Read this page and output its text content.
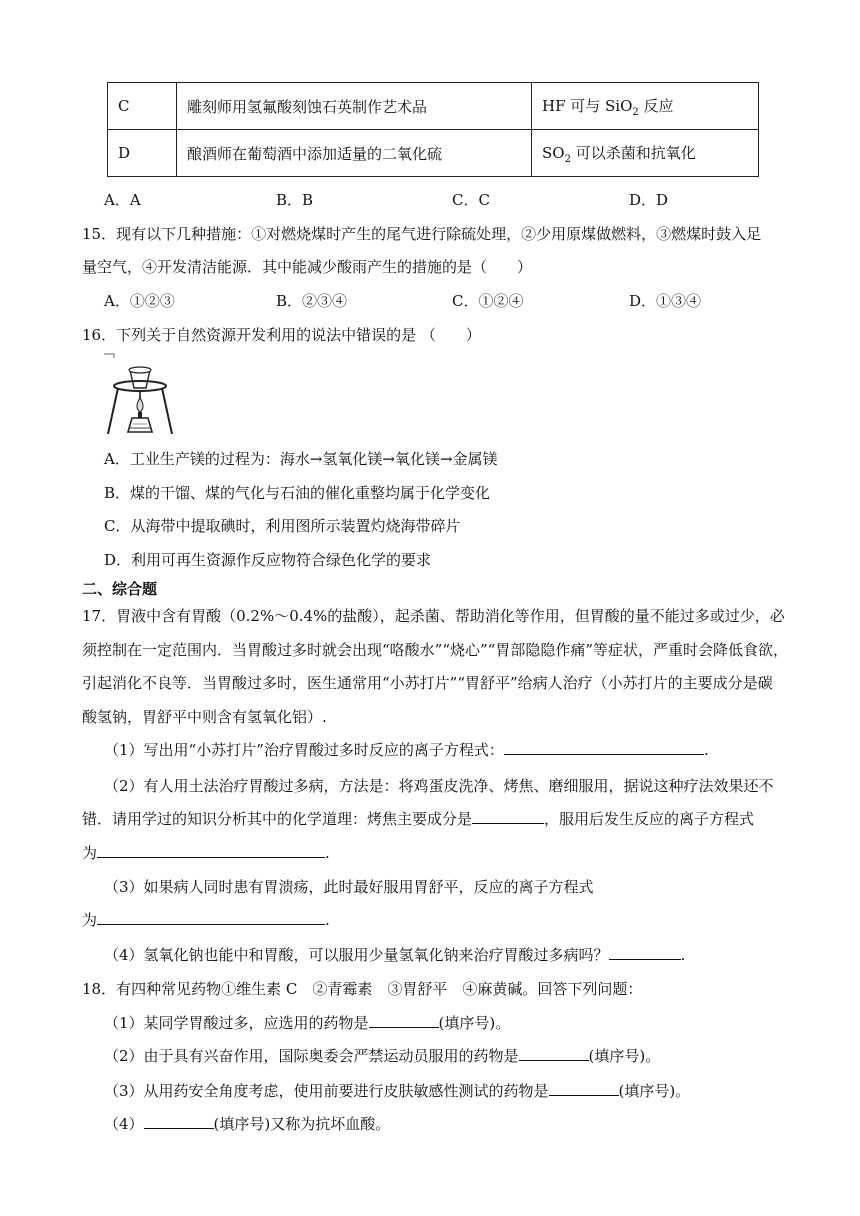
C	雕刻师用氢氟酸刻蚀石英制作艺术品	HF 可与 SiO$_2$ 反应
D	酿酒师在葡萄酒中添加适量的二氧化硫	$SO_2$ 可以杀菌和抗氧化
A．A	B．B	C．C	D．D
15．现有以下几种措施：①对燃烧煤时产生的尾气进行除硫处理，②少用原煤做燃料，③燃煤时鼓入足
量空气，④开发清洁能源．其中能减少酸雨产生的措施的是（　　）
A．①②③	B．②③④	C．①②④	D．①③④
16．下列关于自然资源开发利用的说法中错误的是 （　　）
A．工业生产镁的过程为：海水→氢氧化镁→氧化镁→金属镁
B．煤的干馏、煤的气化与石油的催化重整均属于化学变化
C．从海带中提取碘时，利用图所示装置灼烧海带碎片
D．利用可再生资源作反应物符合绿色化学的要求
二、综合题
17．胃液中含有胃酸（0.2%～0.4%的盐酸），起杀菌、帮助消化等作用，但胃酸的量不能过多或过少，必
须控制在一定范围内．当胃酸过多时就会出现“咯酸水”“烧心”“胃部隐隐作痛”等症状，严重时会降低食欲，
引起消化不良等．当胃酸过多时，医生通常用“小苏打片”“胃舒平”给病人治疗（小苏打片的主要成分是碳
酸氢钠，胃舒平中则含有氢氧化铝）.
（1）写出用“小苏打片”治疗胃酸过多时反应的离子方程式：	.
（2）有人用土法治疗胃酸过多病，方法是：将鸡蛋皮洗净、烤焦、磨细服用，据说这种疗法效果还不
错．请用学过的知识分析其中的化学道理：烤焦主要成分是	，服用后发生反应的离子方程式
为	.
（3）如果病人同时患有胃溃疡，此时最好服用胃舒平，反应的离子方程式
为	.
（4）氢氧化钠也能中和胃酸，可以服用少量氢氧化钠来治疗胃酸过多病吗？	.
18．有四种常见药物①维生素 C　②青霉素　③胃舒平　④麻黄碱。回答下列问题：
（1）某同学胃酸过多，应选用的药物是	(填序号)。
（2）由于具有兴奋作用，国际奥委会严禁运动员服用的药物是	(填序号)。
（3）从用药安全角度考虑，使用前要进行皮肤敏感性测试的药物是	(填序号)。
（4）	(填序号)又称为抗坏血酸。
